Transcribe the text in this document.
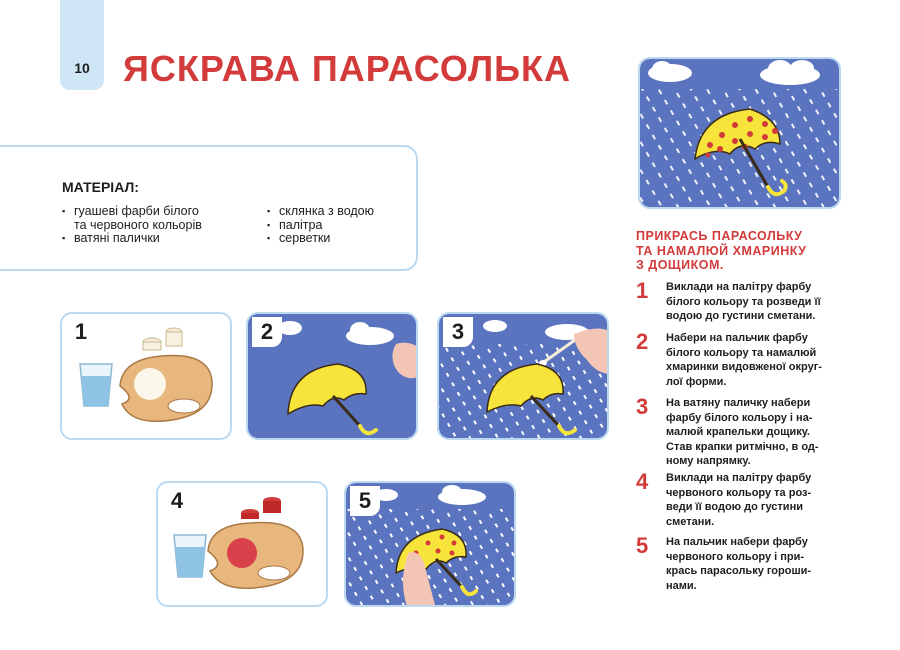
10 ЯСКРАВА ПАРАСОЛЬКА
МАТЕРІАЛ:
▪ гуашеві фарби білого
та червоного кольорів
▪ ватяні палички
▪ склянка з водою
▪ палітра
▪ серветки	ПРИКРАСЬ ПАРАСОЛЬКУ
ТА НАМАЛЮЙ ХМАРИНКУ
З ДОЩИКОМ.
1 Виклади на палітру фарбу
білого кольору та розведи її
водою до густини сметани.
2 Набери на пальчик фарбу
білого кольору та намалюй
хмаринки видовженої округ-
лої форми.
3 На ватяну паличку набери
фарбу білого кольору і на-
малюй крапельки дощику.
Став крапки ритмічно, в од-
ному напрямку.
4 Виклади на палітру фарбу
червоного кольору та роз-
веди її водою до густини
сметани.
5 На пальчик набери фарбу
червоного кольору і при-
крась парасольку гороши-
нами.
1	2	3
4	5
